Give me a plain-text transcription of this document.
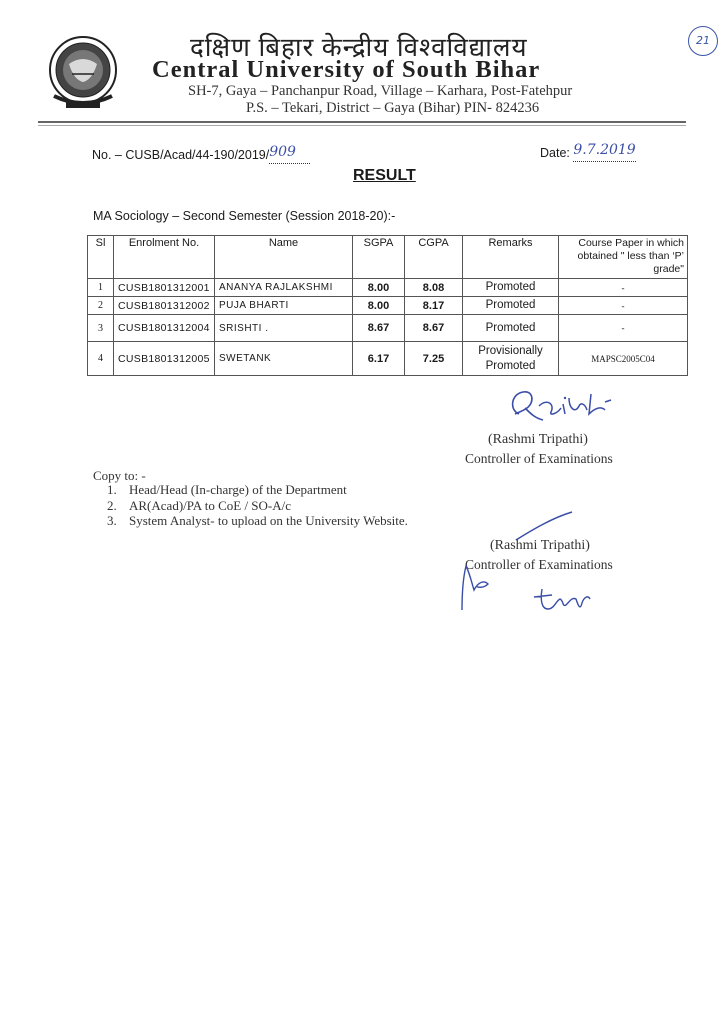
दक्षिण बिहार केन्द्रीय विश्वविद्यालय
Central University of South Bihar
SH-7, Gaya – Panchanpur Road, Village – Karhara, Post-Fatehpur
P.S. – Tekari, District – Gaya (Bihar) PIN- 824236
21
No. – CUSB/Acad/44-190/2019/909	Date: 9.7.2019
RESULT
MA Sociology – Second Semester (Session 2018-20):-
Sl	Enrolment No.	Name	SGPA	CGPA	Remarks	Course Paper in which obtained " less than ‘P’ grade"
1	CUSB1801312001	ANANYA RAJLAKSHMI	8.00	8.08	Promoted	-
2	CUSB1801312002	PUJA BHARTI	8.00	8.17	Promoted	-
3	CUSB1801312004	SRISHTI .	8.67	8.67	Promoted	-
4	CUSB1801312005	SWETANK	6.17	7.25	Provisionally Promoted	MAPSC2005C04
(Rashmi Tripathi)
Controller of Examinations
Copy to: -
1. Head/Head (In-charge) of the Department
2. AR(Acad)/PA to CoE / SO-A/c
3. System Analyst- to upload on the University Website.
(Rashmi Tripathi)
Controller of Examinations
